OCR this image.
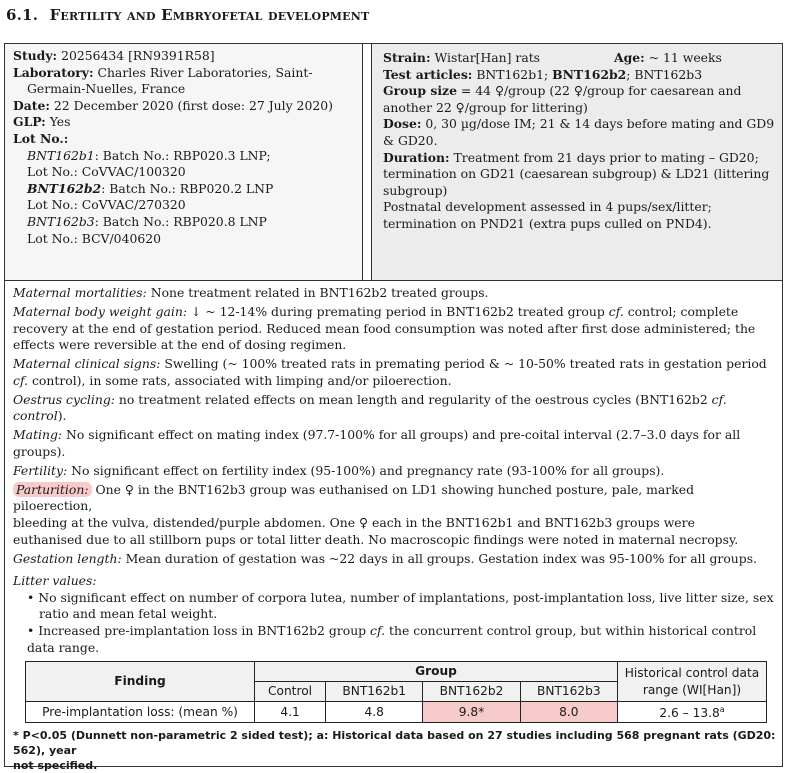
6.1. Fertility and Embryofetal development
Study: 20256434 [RN9391R58]
Laboratory: Charles River Laboratories, Saint-
Germain-Nuelles, France
Date: 22 December 2020 (first dose: 27 July 2020)
GLP: Yes
Lot No.:
BNT162b1: Batch No.: RBP020.3 LNP;
Lot No.: CoVVAC/100320
BNT162b2: Batch No.: RBP020.2 LNP
Lot No.: CoVVAC/270320
BNT162b3: Batch No.: RBP020.8 LNP
Lot No.: BCV/040620
Strain: Wistar[Han] rats	Age: ~ 11 weeks
Test articles: BNT162b1; BNT162b2; BNT162b3
Group size = 44 ♀/group (22 ♀/group for caesarean and
another 22 ♀/group for littering)
Dose: 0, 30 µg/dose IM; 21 & 14 days before mating and GD9
& GD20.
Duration: Treatment from 21 days prior to mating – GD20;
termination on GD21 (caesarean subgroup) & LD21 (littering
subgroup)
Postnatal development assessed in 4 pups/sex/litter;
termination on PND21 (extra pups culled on PND4).
Maternal mortalities: None treatment related in BNT162b2 treated groups.
Maternal body weight gain: ↓ ~ 12-14% during premating period in BNT162b2 treated group cf. control; complete
recovery at the end of gestation period. Reduced mean food consumption was noted after first dose administered; the
effects were reversible at the end of dosing regimen.
Maternal clinical signs: Swelling (~ 100% treated rats in premating period & ~ 10-50% treated rats in gestation period
cf. control), in some rats, associated with limping and/or piloerection.
Oestrus cycling: no treatment related effects on mean length and regularity of the oestrous cycles (BNT162b2 cf. control).
Mating: No significant effect on mating index (97.7-100% for all groups) and pre-coital interval (2.7–3.0 days for all
groups).
Fertility: No significant effect on fertility index (95-100%) and pregnancy rate (93-100% for all groups).
Parturition: One ♀ in the BNT162b3 group was euthanised on LD1 showing hunched posture, pale, marked piloerection,
bleeding at the vulva, distended/purple abdomen. One ♀ each in the BNT162b1 and BNT162b3 groups were
euthanised due to all stillborn pups or total litter death. No macroscopic findings were noted in maternal necropsy.
Gestation length: Mean duration of gestation was ~22 days in all groups. Gestation index was 95-100% for all groups.
Litter values:
• No significant effect on number of corpora lutea, number of implantations, post-implantation loss, live litter size, sex
ratio and mean fetal weight.
• Increased pre-implantation loss in BNT162b2 group cf. the concurrent control group, but within historical control
data range.
Finding	Group				Historical control data
range (WI[Han])

	Control	BNT162b1	BNT162b2	BNT162b3	
Pre-implantation loss: (mean %)	4.1	4.8	9.8*	8.0	2.6 – 13.8$^a$
* P<0.05 (Dunnett non-parametric 2 sided test); a: Historical data based on 27 studies including 568 pregnant rats (GD20: 562), year
not specified.
